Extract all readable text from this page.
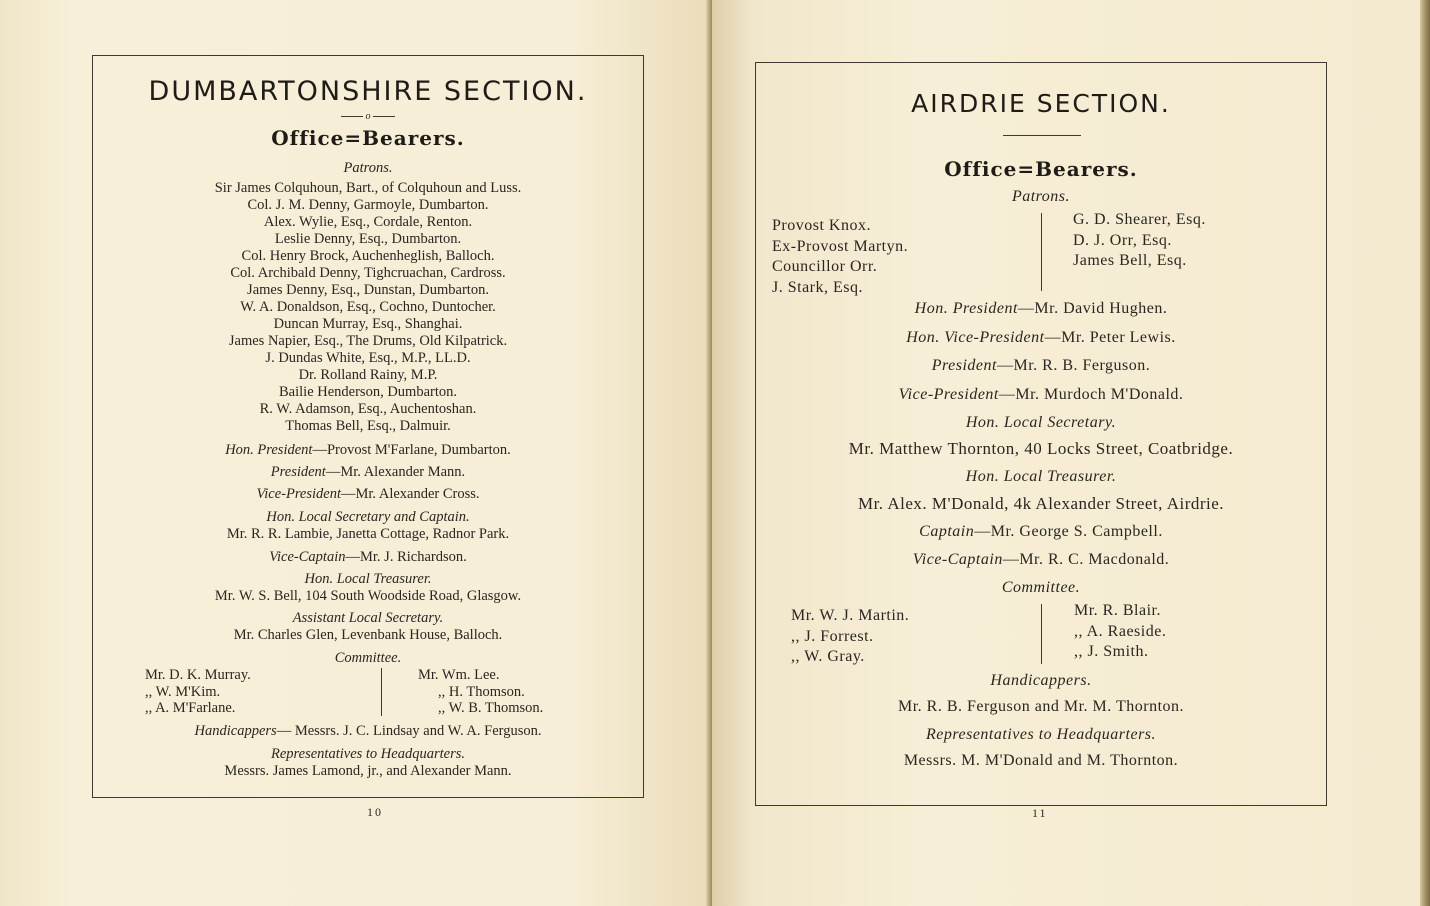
DUMBARTONSHIRE SECTION.
o
Office=Bearers.
Patrons.
Sir James Colquhoun, Bart., of Colquhoun and Luss.
Col. J. M. Denny, Garmoyle, Dumbarton.
Alex. Wylie, Esq., Cordale, Renton.
Leslie Denny, Esq., Dumbarton.
Col. Henry Brock, Auchenheglish, Balloch.
Col. Archibald Denny, Tighcruachan, Cardross.
James Denny, Esq., Dunstan, Dumbarton.
W. A. Donaldson, Esq., Cochno, Duntocher.
Duncan Murray, Esq., Shanghai.
James Napier, Esq., The Drums, Old Kilpatrick.
J. Dundas White, Esq., M.P., LL.D.
Dr. Rolland Rainy, M.P.
Bailie Henderson, Dumbarton.
R. W. Adamson, Esq., Auchentoshan.
Thomas Bell, Esq., Dalmuir.
Hon. President—Provost M'Farlane, Dumbarton.
President—Mr. Alexander Mann.
Vice-President—Mr. Alexander Cross.
Hon. Local Secretary and Captain.
Mr. R. R. Lambie, Janetta Cottage, Radnor Park.
Vice-Captain—Mr. J. Richardson.
Hon. Local Treasurer.
Mr. W. S. Bell, 104 South Woodside Road, Glasgow.
Assistant Local Secretary.
Mr. Charles Glen, Levenbank House, Balloch.
Committee.
Mr. D. K. Murray.
,, W. M'Kim.
,, A. M'Farlane.
Mr. Wm. Lee.
,, H. Thomson.
,, W. B. Thomson.
Handicappers— Messrs. J. C. Lindsay and W. A. Ferguson.
Representatives to Headquarters.
Messrs. James Lamond, jr., and Alexander Mann.
10
AIRDRIE SECTION.
Office=Bearers.
Patrons.
Provost Knox.
Ex-Provost Martyn.
Councillor Orr.
J. Stark, Esq.
G. D. Shearer, Esq.
D. J. Orr, Esq.
James Bell, Esq.
Hon. President—Mr. David Hughen.
Hon. Vice-President—Mr. Peter Lewis.
President—Mr. R. B. Ferguson.
Vice-President—Mr. Murdoch M'Donald.
Hon. Local Secretary.
Mr. Matthew Thornton, 40 Locks Street, Coatbridge.
Hon. Local Treasurer.
Mr. Alex. M'Donald, 4k Alexander Street, Airdrie.
Captain—Mr. George S. Campbell.
Vice-Captain—Mr. R. C. Macdonald.
Committee.
Mr. W. J. Martin.
,, J. Forrest.
,, W. Gray.
Mr. R. Blair.
,, A. Raeside.
,, J. Smith.
Handicappers.
Mr. R. B. Ferguson and Mr. M. Thornton.
Representatives to Headquarters.
Messrs. M. M'Donald and M. Thornton.
11
